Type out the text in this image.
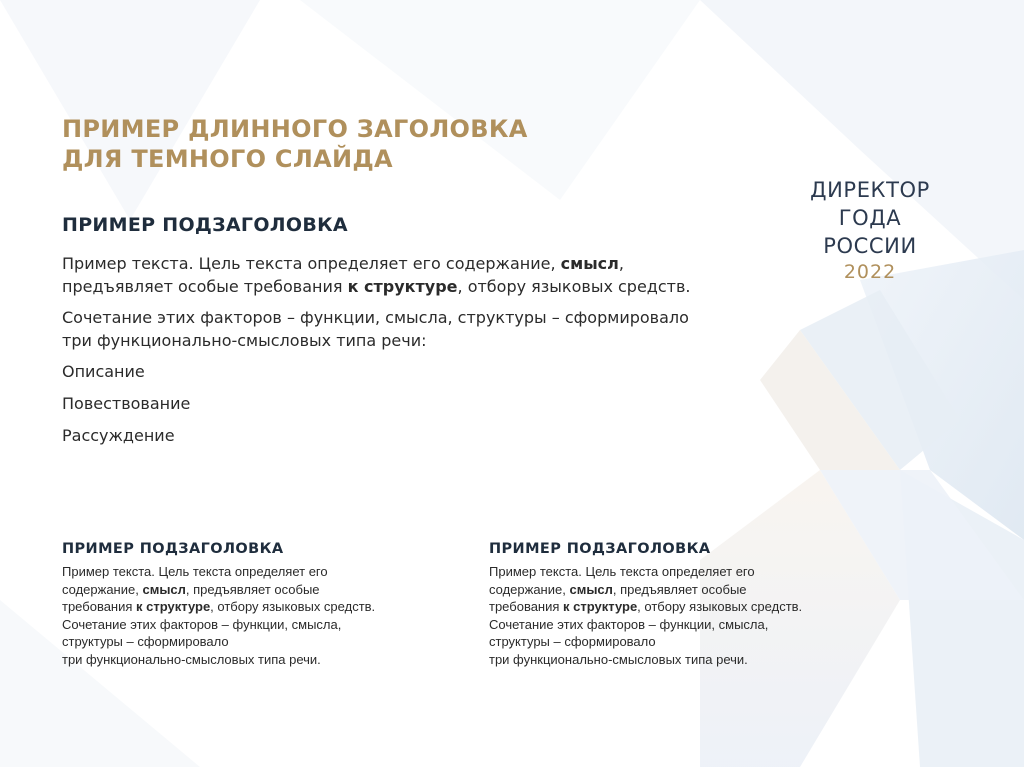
ПРИМЕР ДЛИННОГО ЗАГОЛОВКА
ДЛЯ ТЕМНОГО СЛАЙДА
ПРИМЕР ПОДЗАГОЛОВКА

Пример текста. Цель текста определяет его содержание, смысл,
предъявляет особые требования к структуре, отбору языковых средств.

Сочетание этих факторов – функции, смысла, структуры – сформировало
три функционально-смысловых типа речи:

Описание
Повествование
Рассуждение
ДИРЕКТОР ГОДА
РОССИИ
2022
ПРИМЕР ПОДЗАГОЛОВКА
Пример текста. Цель текста определяет его
содержание, смысл, предъявляет особые
требования к структуре, отбору языковых средств.
Сочетание этих факторов – функции, смысла,
структуры – сформировало
три функционально-смысловых типа речи.
ПРИМЕР ПОДЗАГОЛОВКА
Пример текста. Цель текста определяет его
содержание, смысл, предъявляет особые
требования к структуре, отбору языковых средств.
Сочетание этих факторов – функции, смысла,
структуры – сформировало
три функционально-смысловых типа речи.
